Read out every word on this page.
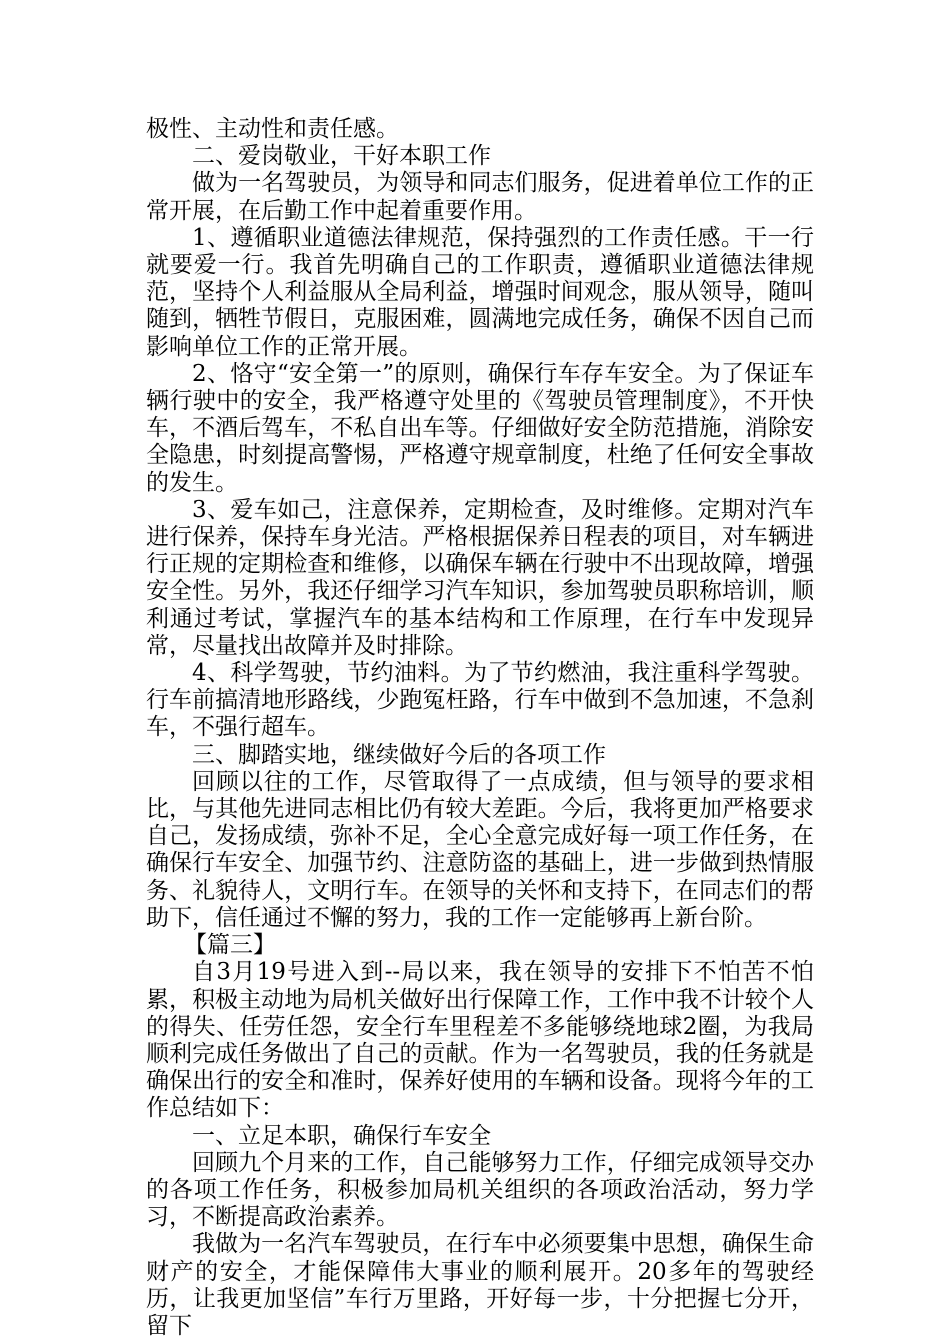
极性、主动性和责任感。

二、爱岗敬业，干好本职工作

做为一名驾驶员，为领导和同志们服务，促进着单位工作的正常开展，在后勤工作中起着重要作用。

1、遵循职业道德法律规范，保持强烈的工作责任感。干一行就要爱一行。我首先明确自己的工作职责，遵循职业道德法律规范，坚持个人利益服从全局利益，增强时间观念，服从领导，随叫随到，牺牲节假日，克服困难，圆满地完成任务，确保不因自己而影响单位工作的正常开展。

2、恪守“安全第一”的原则，确保行车存车安全。为了保证车辆行驶中的安全，我严格遵守处里的《驾驶员管理制度》，不开快车，不酒后驾车，不私自出车等。仔细做好安全防范措施，消除安全隐患，时刻提高警惕，严格遵守规章制度，杜绝了任何安全事故的发生。

3、爱车如己，注意保养，定期检查，及时维修。定期对汽车进行保养，保持车身光洁。严格根据保养日程表的项目，对车辆进行正规的定期检查和维修，以确保车辆在行驶中不出现故障，增强安全性。另外，我还仔细学习汽车知识，参加驾驶员职称培训，顺利通过考试，掌握汽车的基本结构和工作原理，在行车中发现异常，尽量找出故障并及时排除。

4、科学驾驶，节约油料。为了节约燃油，我注重科学驾驶。行车前搞清地形路线，少跑冤枉路，行车中做到不急加速，不急刹车，不强行超车。

三、脚踏实地，继续做好今后的各项工作

回顾以往的工作，尽管取得了一点成绩，但与领导的要求相比，与其他先进同志相比仍有较大差距。今后，我将更加严格要求自己，发扬成绩，弥补不足，全心全意完成好每一项工作任务，在确保行车安全、加强节约、注意防盗的基础上，进一步做到热情服务、礼貌待人，文明行车。在领导的关怀和支持下，在同志们的帮助下，信任通过不懈的努力，我的工作一定能够再上新台阶。

【篇三】

自3月19号进入到--局以来，我在领导的安排下不怕苦不怕累，积极主动地为局机关做好出行保障工作，工作中我不计较个人的得失、任劳任怨，安全行车里程差不多能够绕地球2圈，为我局顺利完成任务做出了自己的贡献。作为一名驾驶员，我的任务就是确保出行的安全和准时，保养好使用的车辆和设备。现将今年的工作总结如下：

一、立足本职，确保行车安全

回顾九个月来的工作，自己能够努力工作，仔细完成领导交办的各项工作任务，积极参加局机关组织的各项政治活动，努力学习，不断提高政治素养。

我做为一名汽车驾驶员，在行车中必须要集中思想，确保生命财产的安全，才能保障伟大事业的顺利展开。20多年的驾驶经历，让我更加坚信”车行万里路，开好每一步，十分把握七分开，留下
